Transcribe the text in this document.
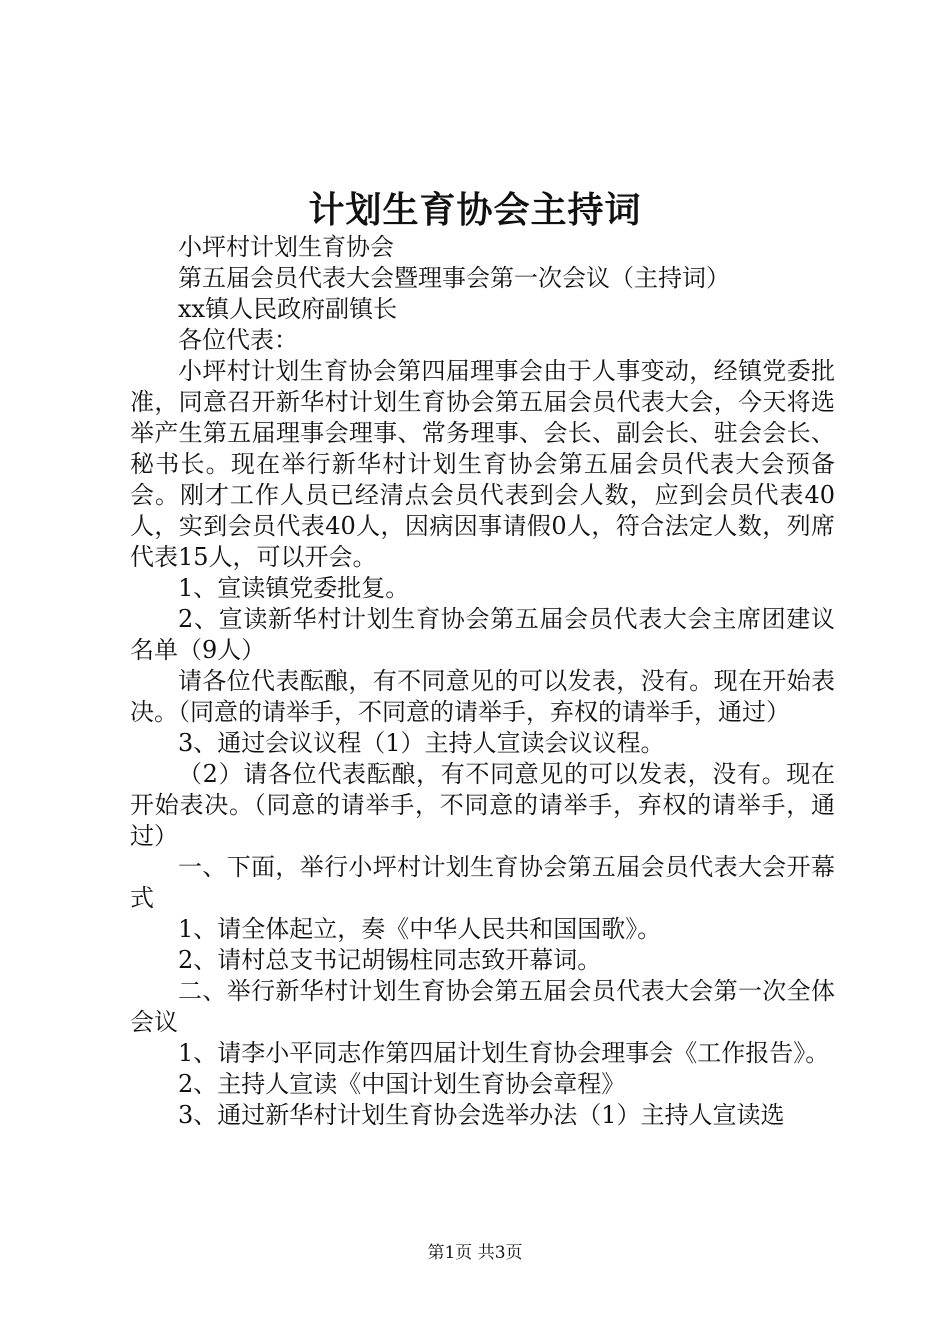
计划生育协会主持词

小坪村计划生育协会

第五届会员代表大会暨理事会第一次会议（主持词）

xx镇人民政府副镇长

各位代表：

小坪村计划生育协会第四届理事会由于人事变动，经镇党委批准，同意召开新华村计划生育协会第五届会员代表大会，今天将选举产生第五届理事会理事、常务理事、会长、副会长、驻会会长、秘书长。现在举行新华村计划生育协会第五届会员代表大会预备会。刚才工作人员已经清点会员代表到会人数，应到会员代表40人，实到会员代表40人，因病因事请假0人，符合法定人数，列席代表15人，可以开会。

1、宣读镇党委批复。

2、宣读新华村计划生育协会第五届会员代表大会主席团建议名单（9人）

请各位代表酝酿，有不同意见的可以发表，没有。现在开始表决。（同意的请举手，不同意的请举手，弃权的请举手，通过）

3、通过会议议程（1）主持人宣读会议议程。

（2）请各位代表酝酿，有不同意见的可以发表，没有。现在开始表决。（同意的请举手，不同意的请举手，弃权的请举手，通过）

一、下面，举行小坪村计划生育协会第五届会员代表大会开幕式

1、请全体起立，奏《中华人民共和国国歌》。

2、请村总支书记胡锡柱同志致开幕词。

二、举行新华村计划生育协会第五届会员代表大会第一次全体会议

1、请李小平同志作第四届计划生育协会理事会《工作报告》。

2、主持人宣读《中国计划生育协会章程》

3、通过新华村计划生育协会选举办法（1）主持人宣读选

第1页 共3页
